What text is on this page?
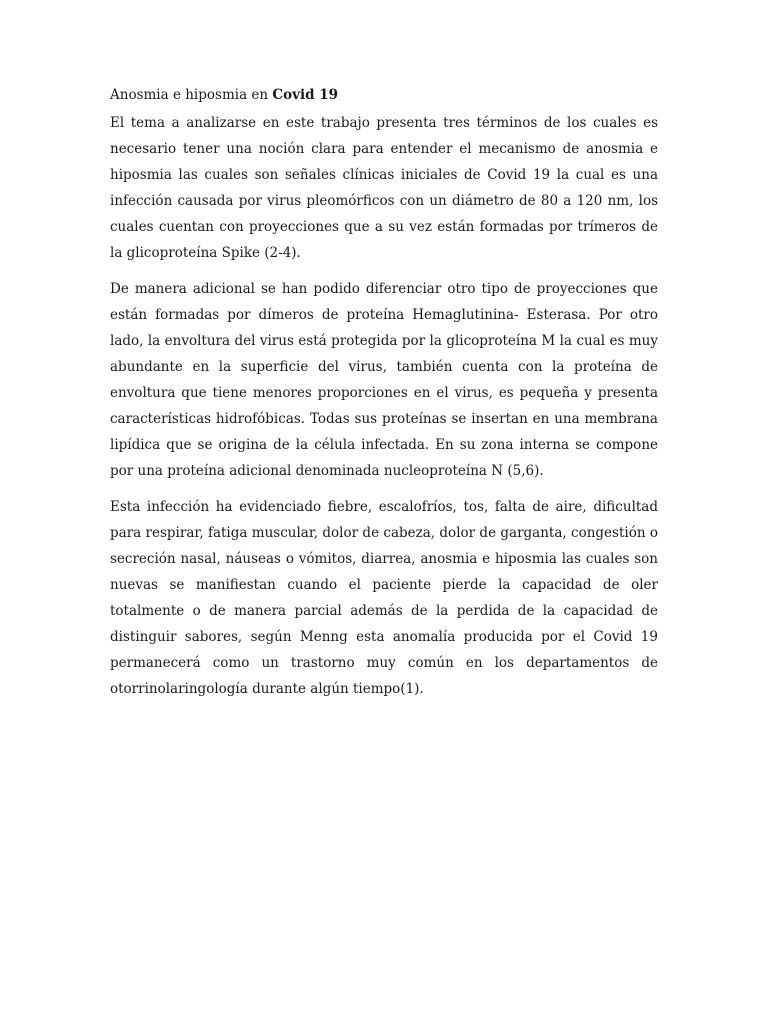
Anosmia e hiposmia en Covid 19

El tema a analizarse en este trabajo presenta tres términos de los cuales es necesario tener una noción clara para entender el mecanismo de anosmia e hiposmia las cuales son señales clínicas iniciales de Covid 19 la cual es una infección causada por virus pleomórficos con un diámetro de 80 a 120 nm, los cuales cuentan con proyecciones que a su vez están formadas por trímeros de la glicoproteína Spike (2-4).

De manera adicional se han podido diferenciar otro tipo de proyecciones que están formadas por dímeros de proteína Hemaglutinina- Esterasa. Por otro lado, la envoltura del virus está protegida por la glicoproteína M la cual es muy abundante en la superficie del virus, también cuenta con la proteína de envoltura que tiene menores proporciones en el virus, es pequeña y presenta características hidrofóbicas. Todas sus proteínas se insertan en una membrana lipídica que se origina de la célula infectada. En su zona interna se compone por una proteína adicional denominada nucleoproteína N (5,6).

Esta infección ha evidenciado fiebre, escalofríos, tos, falta de aire, dificultad para respirar, fatiga muscular, dolor de cabeza, dolor de garganta, congestión o secreción nasal, náuseas o vómitos, diarrea, anosmia e hiposmia las cuales son nuevas se manifiestan cuando el paciente pierde la capacidad de oler totalmente o de manera parcial además de la perdida de la capacidad de distinguir sabores, según Menng esta anomalía producida por el Covid 19 permanecerá como un trastorno muy común en los departamentos de otorrinolaringología durante algún tiempo(1).
